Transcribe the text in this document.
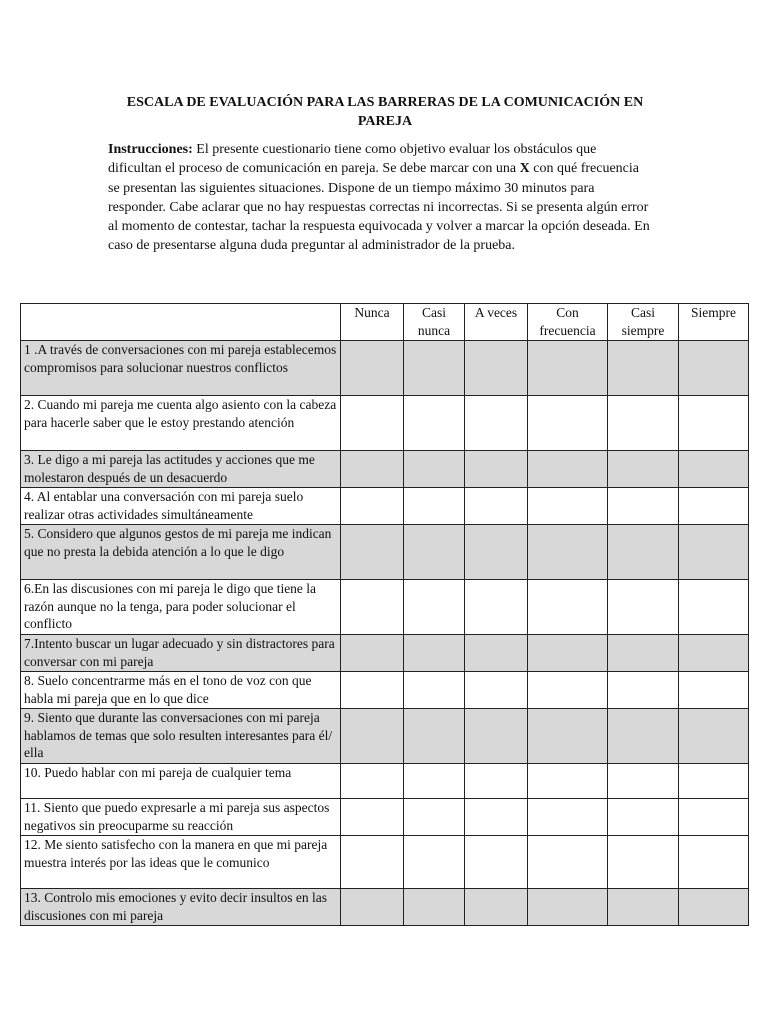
ESCALA DE EVALUACIÓN PARA LAS BARRERAS DE LA COMUNICACIÓN EN PAREJA

Instrucciones: El presente cuestionario tiene como objetivo evaluar los obstáculos que dificultan el proceso de comunicación en pareja. Se debe marcar con una X con qué frecuencia se presentan las siguientes situaciones. Dispone de un tiempo máximo 30 minutos para responder. Cabe aclarar que no hay respuestas correctas ni incorrectas. Si se presenta algún error al momento de contestar, tachar la respuesta equivocada y volver a marcar la opción deseada. En caso de presentarse alguna duda preguntar al administrador de la prueba.

	Nunca	Casi nunca	A veces	Con frecuencia	Casi siempre	Siempre
1 .A través de conversaciones con mi pareja establecemos compromisos para solucionar nuestros conflictos						
2. Cuando mi pareja me cuenta algo asiento con la cabeza para hacerle saber que le estoy prestando atención						
3. Le digo a mi pareja las actitudes y acciones que me molestaron después de un desacuerdo						
4. Al entablar una conversación con mi pareja suelo realizar otras actividades simultáneamente						
5. Considero que algunos gestos de mi pareja me indican que no presta la debida atención a lo que le digo						
6.En las discusiones con mi pareja le digo que tiene la razón aunque no la tenga, para poder solucionar el conflicto						
7.Intento buscar un lugar adecuado y sin distractores para conversar con mi pareja						
8. Suelo concentrarme más en el tono de voz con que habla mi pareja que en lo que dice						
9. Siento que durante las conversaciones con mi pareja hablamos de temas que solo resulten interesantes para él/ ella						
10. Puedo hablar con mi pareja de cualquier tema						
11. Siento que puedo expresarle a mi pareja sus aspectos negativos sin preocuparme su reacción						
12. Me siento satisfecho con la manera en que mi pareja muestra interés por las ideas que le comunico						
13. Controlo mis emociones y evito decir insultos en las discusiones con mi pareja						
